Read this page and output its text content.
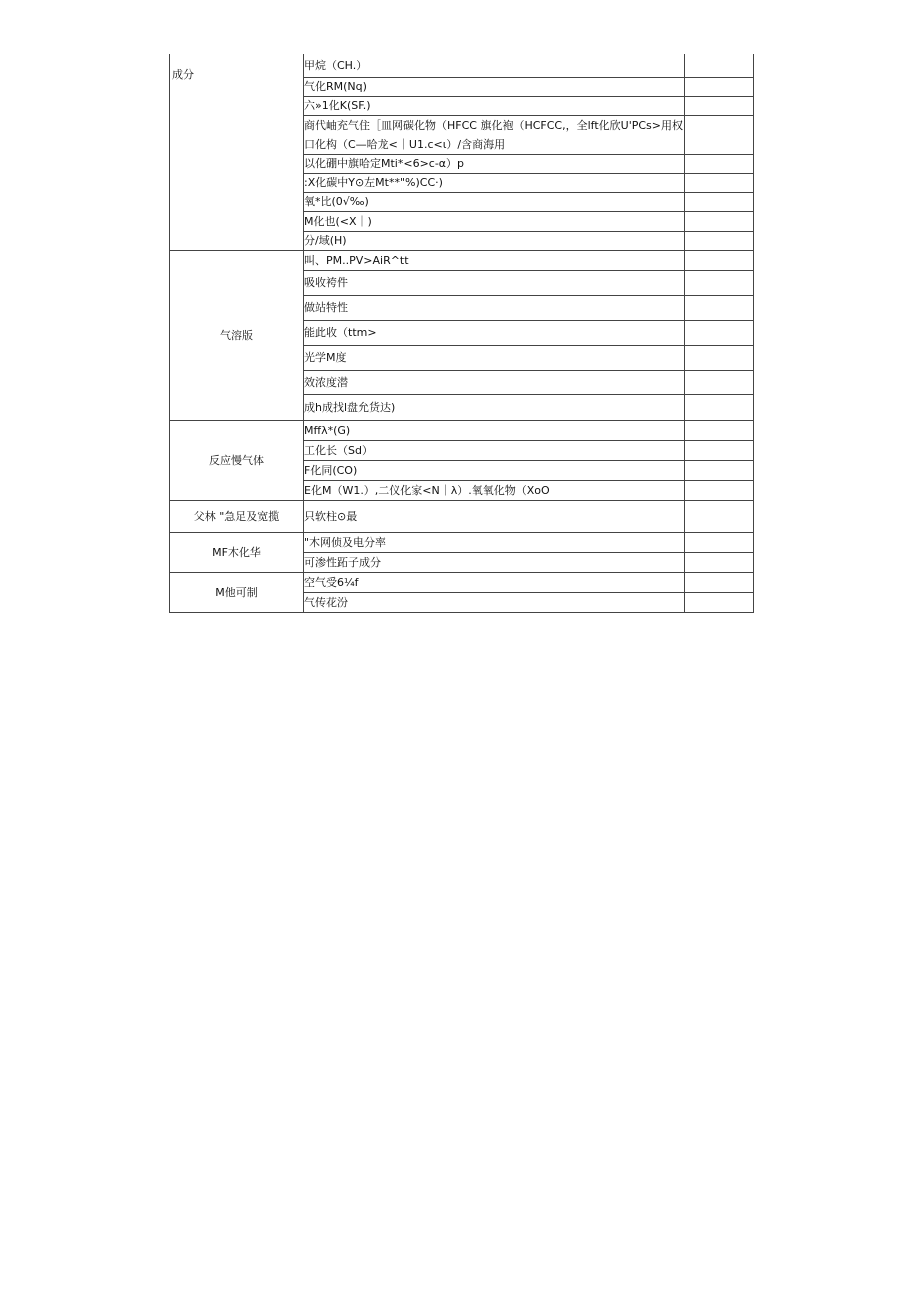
成分	甲烷（CH.）	
	气化RM(Nq)	
	六»1化K(SF.)	
	商代岫充气住［皿网碳化物（HFCC 旗化袍（HCFCC,，全lft化欣U'PCs>用权口化构（C—哈龙<｜U1.c<ι）/含商海用	
	以化硼中旗哈定Mti*<6>c-α）p	
	:X化碳中Y⊙左Mt**"%)CC·)	
	氧*比(0√‰)	
	M化也(<X｜)	
	分/域(H)	
气溶版	叫、PM..PV>AiR^tt	
	吸收袴件	
	做站特性	
	能此收（ttm>	
	光学M度	
	效浓度潜	
	成h成找l盘允货达)	
反应慢气体	Mffλ*(G)	
	工化长（Sd）	
	F化同(CO)	
	E化M（W1.）,二仪化家<N｜λ）.氧氧化物（XoO	
父林 "急足及宽揽	只软柱⊙最	
MF木化华	"木网侦及电分率	
	可渗性跖子成分	
M他可制	空气受6¼f	
	气传花汾	
